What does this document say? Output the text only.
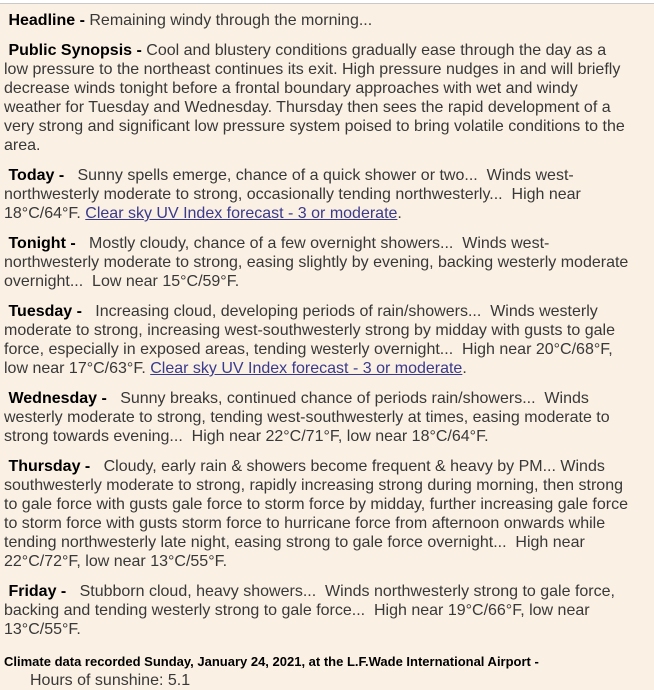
Headline - Remaining windy through the morning...

Public Synopsis - Cool and blustery conditions gradually ease through the day as a low pressure to the northeast continues its exit. High pressure nudges in and will briefly decrease winds tonight before a frontal boundary approaches with wet and windy weather for Tuesday and Wednesday. Thursday then sees the rapid development of a very strong and significant low pressure system poised to bring volatile conditions to the area.

Today -   Sunny spells emerge, chance of a quick shower or two...  Winds west-northwesterly moderate to strong, occasionally tending northwesterly...  High near 18°C/64°F. Clear sky UV Index forecast - 3 or moderate.

Tonight -   Mostly cloudy, chance of a few overnight showers...  Winds west-northwesterly moderate to strong, easing slightly by evening, backing westerly moderate overnight...  Low near 15°C/59°F.

Tuesday -   Increasing cloud, developing periods of rain/showers...  Winds westerly moderate to strong, increasing west-southwesterly strong by midday with gusts to gale force, especially in exposed areas, tending westerly overnight...  High near 20°C/68°F, low near 17°C/63°F. Clear sky UV Index forecast - 3 or moderate.

Wednesday -   Sunny breaks, continued chance of periods rain/showers...  Winds westerly moderate to strong, tending west-southwesterly at times, easing moderate to strong towards evening...  High near 22°C/71°F, low near 18°C/64°F.

Thursday -   Cloudy, early rain & showers become frequent & heavy by PM... Winds southwesterly moderate to strong, rapidly increasing strong during morning, then strong to gale force with gusts gale force to storm force by midday, further increasing gale force to storm force with gusts storm force to hurricane force from afternoon onwards while tending northwesterly late night, easing strong to gale force overnight...  High near 22°C/72°F, low near 13°C/55°F.

Friday -   Stubborn cloud, heavy showers...  Winds northwesterly strong to gale force, backing and tending westerly strong to gale force...  High near 19°C/66°F, low near 13°C/55°F.

Climate data recorded Sunday, January 24, 2021, at the L.F.Wade International Airport -

Hours of sunshine: 5.1
